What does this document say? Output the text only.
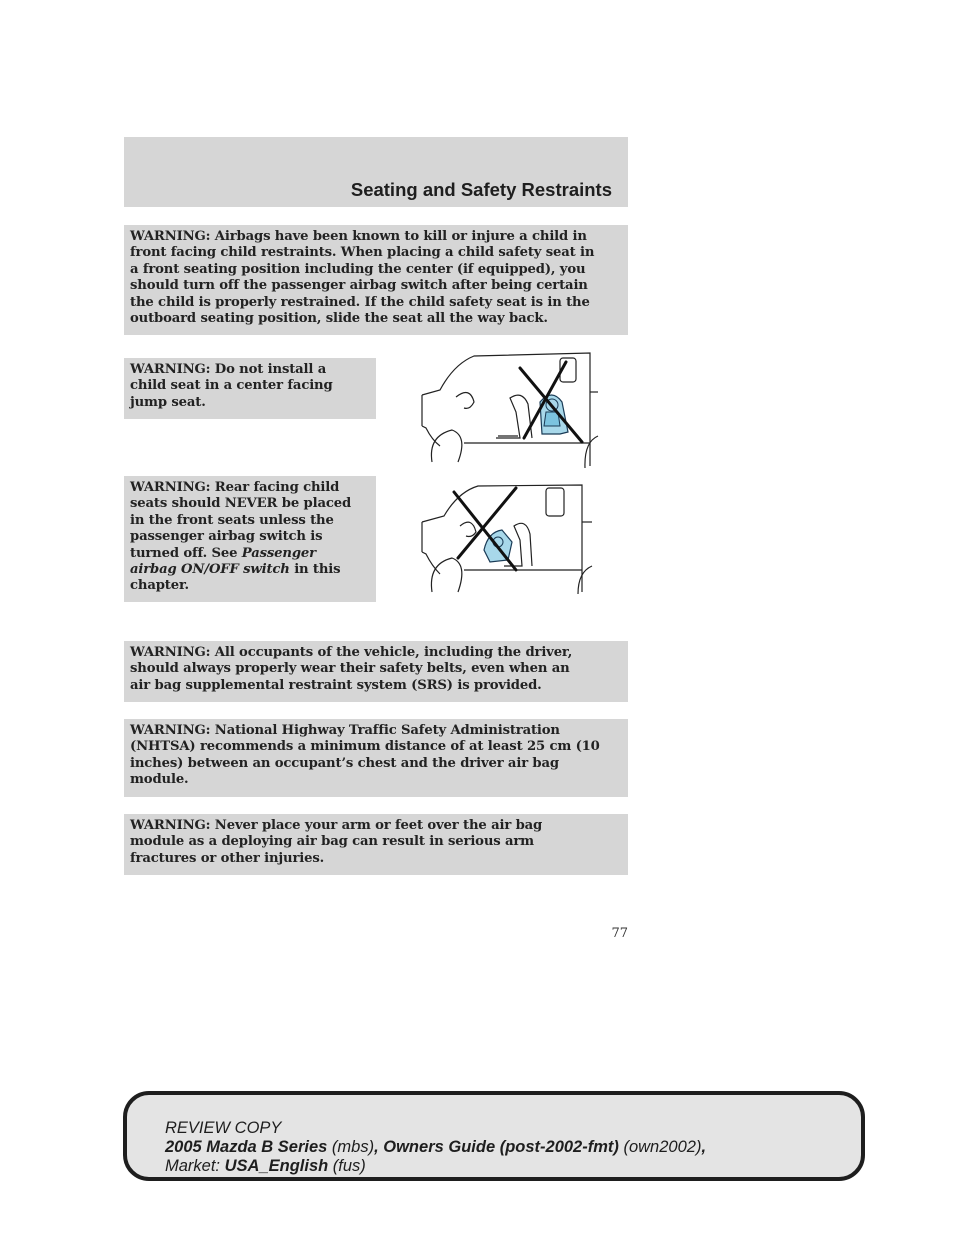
Seating and Safety Restraints
WARNING: Airbags have been known to kill or injure a child in
front facing child restraints. When placing a child safety seat in
a front seating position including the center (if equipped), you
should turn off the passenger airbag switch after being certain
the child is properly restrained. If the child safety seat is in the
outboard seating position, slide the seat all the way back.
WARNING: Do not install a
child seat in a center facing
jump seat.
WARNING: Rear facing child
seats should NEVER be placed
in the front seats unless the
passenger airbag switch is
turned off. See Passenger
airbag ON/OFF switch in this
chapter.
WARNING: All occupants of the vehicle, including the driver,
should always properly wear their safety belts, even when an
air bag supplemental restraint system (SRS) is provided.
WARNING: National Highway Traffic Safety Administration
(NHTSA) recommends a minimum distance of at least 25 cm (10
inches) between an occupant’s chest and the driver air bag
module.
WARNING: Never place your arm or feet over the air bag
module as a deploying air bag can result in serious arm
fractures or other injuries.
77
REVIEW COPY
2005 Mazda B Series (mbs), Owners Guide (post-2002-fmt) (own2002),
Market: USA_English (fus)
